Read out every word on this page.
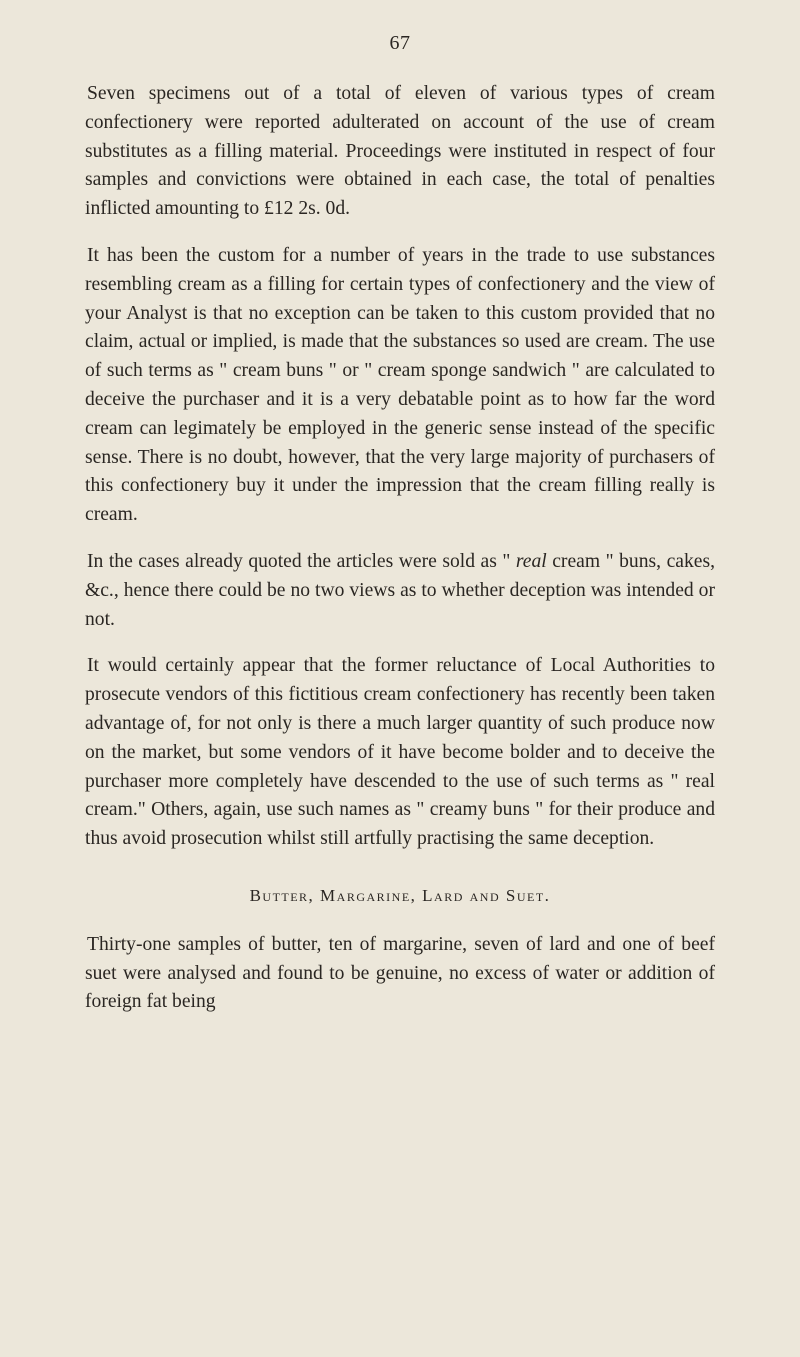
67

Seven specimens out of a total of eleven of various types of cream confectionery were reported adulterated on account of the use of cream substitutes as a filling material. Proceedings were instituted in respect of four samples and convictions were obtained in each case, the total of penalties inflicted amounting to £12 2s. 0d.

It has been the custom for a number of years in the trade to use substances resembling cream as a filling for certain types of confectionery and the view of your Analyst is that no exception can be taken to this custom provided that no claim, actual or implied, is made that the substances so used are cream. The use of such terms as " cream buns " or " cream sponge sandwich " are calculated to deceive the purchaser and it is a very debatable point as to how far the word cream can legimately be employed in the generic sense instead of the specific sense. There is no doubt, however, that the very large majority of purchasers of this confectionery buy it under the impression that the cream filling really is cream.

In the cases already quoted the articles were sold as " real cream " buns, cakes, &c., hence there could be no two views as to whether deception was intended or not.

It would certainly appear that the former reluctance of Local Authorities to prosecute vendors of this fictitious cream confectionery has recently been taken advantage of, for not only is there a much larger quantity of such produce now on the market, but some vendors of it have become bolder and to deceive the purchaser more completely have descended to the use of such terms as " real cream." Others, again, use such names as " creamy buns " for their produce and thus avoid prosecution whilst still artfully practising the same deception.

Butter, Margarine, Lard and Suet.

Thirty-one samples of butter, ten of margarine, seven of lard and one of beef suet were analysed and found to be genuine, no excess of water or addition of foreign fat being
